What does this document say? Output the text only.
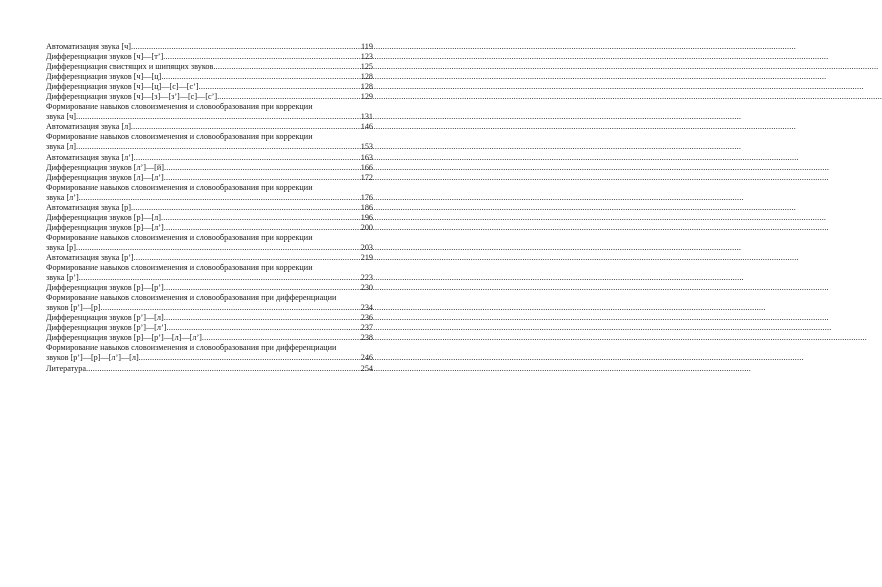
Автоматизация звука [ч] .....	119
Дифференциация звуков [ч]—[т’] .....	123
Дифференциация свистящих и шипящих звуков .....	125
Дифференциация звуков [ч]—[ц] .....	128
Дифференциация звуков [ч]—[ц]—[с]—[с’] .....	128
Дифференциация звуков [ч]—[з]—[з’]—[с]—[с’] .....	129
Формирование навыков словоизменения и словообразования при коррекции
звука [ч] .....	131
Автоматизация звука [л] .....	146
Формирование навыков словоизменения и словообразования при коррекции
звука [л] .....	153
Автоматизация звука [л’] .....	163
Дифференциация звуков [л’]—[й] .....	166
Дифференциация звуков [л]—[л’] .....	172
Формирование навыков словоизменения и словообразования при коррекции
звука [л’] .....	176
Автоматизация звука [р] .....	186
Дифференциация звуков [р]—[л] .....	196
Дифференциация звуков [р]—[л’] .....	200
Формирование навыков словоизменения и словообразования при коррекции
звука [р] .....	203
Автоматизация звука [р’] .....	219
Формирование навыков словоизменения и словообразования при коррекции
звука [р’] .....	223
Дифференциация звуков [р]—[р’] .....	230
Формирование навыков словоизменения и словообразования при дифференциации
звуков [р’]—[р] .....	234
Дифференциация звуков [р’]—[л] .....	236
Дифференциация звуков [р’]—[л’] .....	237
Дифференциация звуков [р]—[р’]—[л]—[л’] .....	238
Формирование навыков словоизменения и словообразования при дифференциации
звуков [р’]—[р]—[л’]—[л] .....	246
Литература .....	254
